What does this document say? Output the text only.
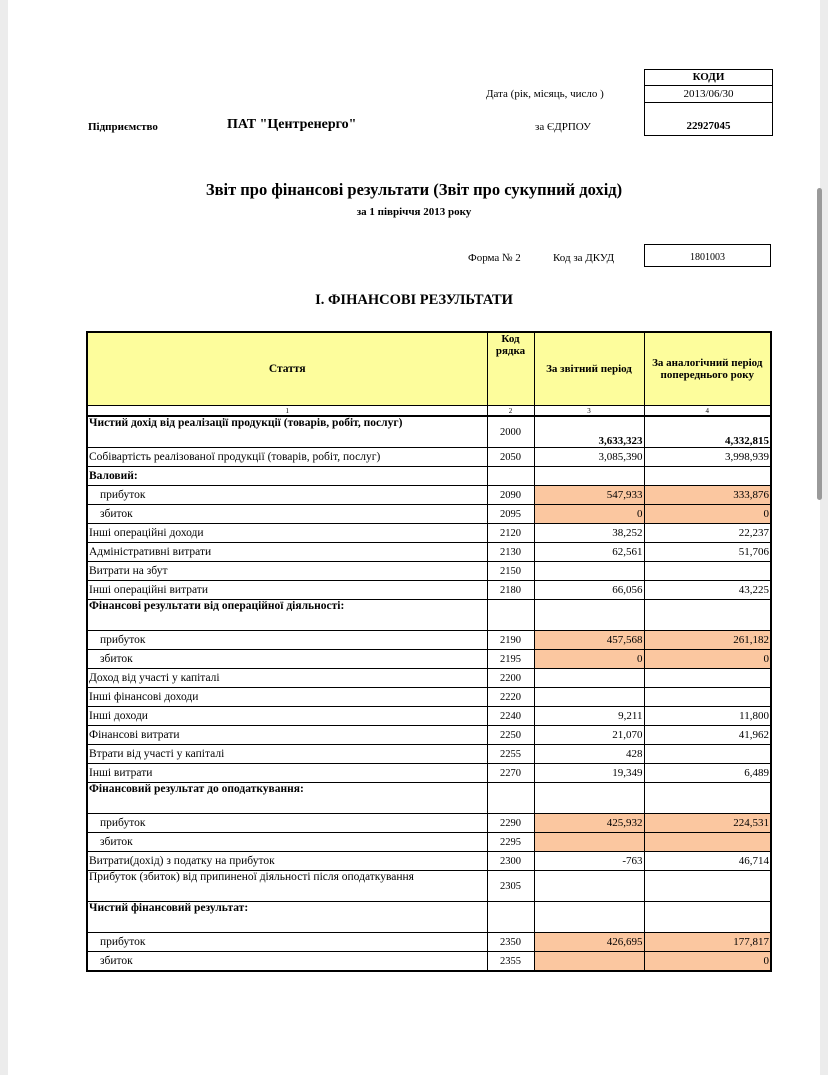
КОДИ
2013/06/30
22927045
Дата (рік, місяць, число )
Підприємство	ПАТ "Центренерго"	за ЄДРПОУ
Звіт про фінансові результати (Звіт про сукупний дохід)
за 1 півріччя 2013 року
Форма № 2	Код за ДКУД	1801003
I. ФІНАНСОВІ РЕЗУЛЬТАТИ
Стаття	Код рядка	За звітний період	За аналогічний період попереднього року
1	2	3	4
Чистий дохід від реалізації продукції (товарів, робіт, послуг)	2000	3,633,323	4,332,815
Собівартість реалізованої продукції (товарів, робіт, послуг)	2050	3,085,390	3,998,939
Валовий:			
прибуток	2090	547,933	333,876
збиток	2095	0	0
Інші операційні доходи	2120	38,252	22,237
Адміністративні витрати	2130	62,561	51,706
Витрати на збут	2150		
Інші операційні витрати	2180	66,056	43,225
Фінансові результати від операційної діяльності:			
прибуток	2190	457,568	261,182
збиток	2195	0	0
Доход від участі у капіталі	2200		
Інші фінансові доходи	2220		
Інші доходи	2240	9,211	11,800
Фінансові витрати	2250	21,070	41,962
Втрати від участі у капіталі	2255	428	
Інші витрати	2270	19,349	6,489
Фінансовий результат до оподаткування:			
прибуток	2290	425,932	224,531
збиток	2295		
Витрати(дохід) з податку на прибуток	2300	-763	46,714
Прибуток (збиток) від припиненої діяльності після оподаткування	2305		
Чистий фінансовий результат:			
прибуток	2350	426,695	177,817
збиток	2355		0
